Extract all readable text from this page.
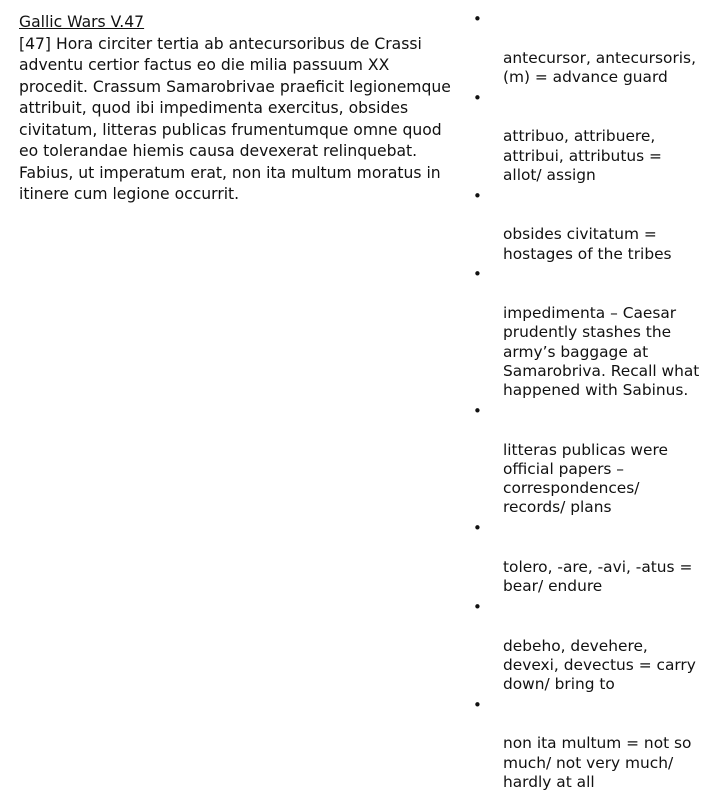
Gallic Wars V.47

[47] Hora circiter tertia ab antecursoribus de Crassi
adventu certior factus eo die milia passuum XX
procedit. Crassum Samarobrivae praeficit legionemque
attribuit, quod ibi impedimenta exercitus, obsides
civitatum, litteras publicas frumentumque omne quod
eo tolerandae hiemis causa devexerat relinquebat.
Fabius, ut imperatum erat, non ita multum moratus in
itinere cum legione occurrit.

•

antecursor, antecursoris,
(m) = advance guard

•

attribuo, attribuere,
attribui, attributus =
allot/ assign

•

obsides civitatum =
hostages of the tribes

•

impedimenta – Caesar
prudently stashes the
army’s baggage at
Samarobriva. Recall what
happened with Sabinus.

•

litteras publicas were
official papers –
correspondences/
records/ plans

•

tolero, -are, -avi, -atus =
bear/ endure

•

debeho, devehere,
devexi, devectus = carry
down/ bring to

•

non ita multum = not so
much/ not very much/
hardly at all
